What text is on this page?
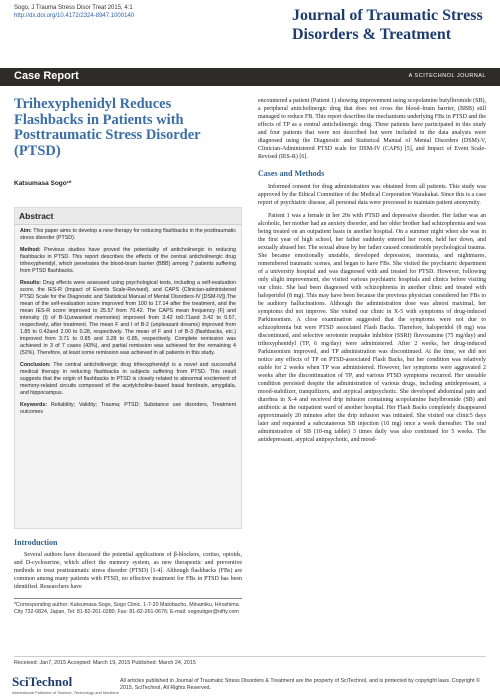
Sogo, J Trauma Stress Disor Treat 2015, 4:1
http://dx.doi.org/10.4172/2324-8947.1000140	Journal of Traumatic Stress Disorders & Treatment
Case Report	A SCITECHNOL JOURNAL
Trihexyphenidyl Reduces Flashbacks in Patients with Posttraumatic Stress Disorder (PTSD)
Katsumasa Sogo¹*
Abstract

Aim: This paper aims to develop a new therapy for reducing flashbacks in the posttraumatic stress disorder (PTSD).

Method: Previous studies have proved the potentiality of anticholinergic in reducing flashbacks in PTSD. This report describes the effects of the central anticholinergic drug trihexyphenidyl, which penetrates the blood-brain barrier (BBB) among 7 patients suffering from PTSD flashbacks.

Results: Drug effects were assessed using psychological tests, including a self-evaluation score, the IES-R (Impact of Events Scale-Revised), and CAPS (Clinician-administered PTSD Scale for the Diagnostic and Statistical Manual of Mental Disorders-IV [DSM-IV]).The mean of the self-evaluation score improved from 100 to 17.14 after the treatment, and the mean IES-R score improved to 25.57 from 70.42. The CAPS mean frequency (F) and intensity (I) of B-1(unwanted memories) improved from 3.42 to0.71and 3.42 to 0.57, respectively, after treatment. The mean F and I of B-2 (unpleasant dreams) improved from 1.85 to 0.42and 2.00 to 0.28, respectively. The mean of F and I of B-3 (flashbacks, etc.) improved from 3.71 to 0.85 and 3.28 to 0.85, respectively. Complete remission was achieved in 3 of 7 cases (43%), and partial remission was achieved for the remaining 4 (52%). Therefore, at least some remission was achieved in all patients in this study.

Conclusion: The central anticholinergic drug trihexyphenidyl is a novel and successful medical therapy in reducing flashbacks in subjects suffering from PTSD. This result suggests that the origin of flashbacks in PTSD is closely related to abnormal excitement of memory-related circuits composed of the acetylcholine-based basal forebrain, amygdala, and hippocampus.

Keywords: Reliability; Validity; Trauma; PTSD; Substance use disorders, Treatment outcomes

Introduction

Several authors have discussed the potential applications of β-blockers, cortiso, opioids, and D-cycloserine, which affect the memory system, as new therapeutic and preventive methods to treat posttraumatic stress disorder (PTSD) [1-4]. Although flashbacks (FBs) are common among many patients with PTSD, no effective treatment for FBs in PTSD has been identified. Researchers have

*Corresponding author: Katsumasa Sogo, Sogo Clinic, 1-7-20 Matobacho, Minamiku, Hiroshima City 732-0824, Japan, Tel: 81-82-261-0280; Fax: 81-82-261-0676; E-mail: sogoutiger@nifty.com

encountered a patient (Patient 1) showing improvement using scopolamine butylbromide (SB), a peripheral anticholinergic drug that does not cross the blood–brain barrier, (BBB) still managed to reduce FB. This report describes the mechanisms underlying FBs in PTSD and the effects of TP as a central anticholinergic drug. Three patients have participated in this study and four patients that were not described but were included in the data analysis were diagnosed using the Diagnostic and Statistical Manual of Mental Disorders (DSM)-V, Clinician-Administered PTSD scale for DSM-IV (CAPS) [5], and Impact of Event Scale-Revised (IES-R) [6].

Cases and Methods

Informed consent for drug administration was obtained from all patients. This study was approved by the Ethical Committee of the Medical Corporation Warakukai. Since this is a case report of psychiatric disease, all personal data were processed to maintain patient anonymity.

Patient 1 was a female in her 20s with PTSD and depressive disorder. Her father was an alcoholic, her mother had an anxiety disorder, and her older brother had schizophrenia and was being treated on an outpatient basis in another hospital. On a summer night when she was in the first year of high school, her father suddenly entered her room, held her down, and sexually abused her. The sexual abuse by her father caused considerable psychological trauma. She became emotionally unstable, developed depression, insomnia, and nightmares, remembered traumatic scenes, and began to have FBs. She visited the psychiatric department of a university hospital and was diagnosed with and treated for PTSD. However, following only slight improvement, she visited various psychiatric hospitals and clinics before visiting our clinic. She had been diagnosed with schizophrenia in another clinic and treated with haloperidol (8 mg). This may have been because the previous physician considered her FBs to be auditory hallucinations. Although the administration dose was almost maximal, her symptoms did not improve. She visited our clinic in X-5 with symptoms of drug-induced Parkinsonism. A close examination suggested that the symptoms were not due to schizophrenia but were PTSD associated Flash Backs. Therefore, haloperidol (8 mg) was discontinued, and selective serotonin reuptake inhibitor (SSRI) fluvoxamine (75 mg/day) and trihexyphenidyl (TP, 6 mg/day) were administered. After 2 weeks, her drug-induced Parkinsonism improved, and TP administration was discontinued. At the time, we did not notice any effects of TP on PTSD-associated Flash Backs, but her condition was relatively stable for 2 weeks when TP was administered. However, her symptoms were aggravated 2 weeks after the discontinuation of TP, and various PTSD symptoms recurred. Her unstable condition persisted despite the administration of various drugs, including antidepressant, a mood-stabilizer, tranquilizers, and atypical antipsychotic. She developed abdominal pain and diarrhea in X-4 and received drip infusion containing scopolamine butylbromide (SB) and antibiotic at the outpatient ward of another hospital. Her Flash Backs completely disappeared approximately 20 minutes after the drip infusion was initiated. She visited our clinic5 days later and requested a subcutaneous SB injection (10 mg) once a week thereafter. The oral administration of SB (10-mg tablet) 3 times daily was also continued for 5 weeks. The antidepressant, atypical antipsychotic, and mood-

Received: Jan7, 2015 Accepted: March 19, 2015 Published: March 24, 2015
SciTechnol
International Publisher of Science, Technology and Medicine
All articles published in Journal of Traumatic Stress Disorders & Treatment are the property of SciTechnol, and is protected by copyright laws. Copyright © 2015, SciTechnol, All Rights Reserved.
